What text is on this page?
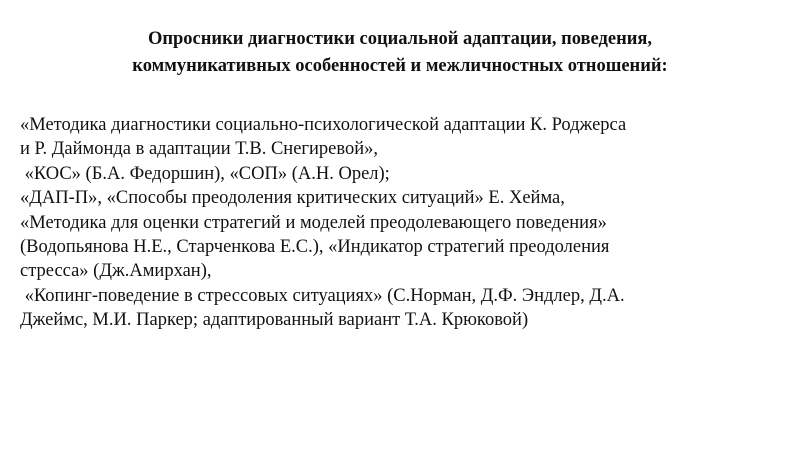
Опросники диагностики социальной адаптации, поведения,
коммуникативных особенностей и межличностных отношений:
«Методика диагностики социально-психологической адаптации К. Роджерса
и Р. Даймонда в адаптации Т.В. Снегиревой»,
«КОС» (Б.А. Федоршин), «СОП» (А.Н. Орел);
«ДАП-П», «Способы преодоления критических ситуаций» Е. Хейма,
«Методика для оценки стратегий и моделей преодолевающего поведения»
(Водопьянова Н.Е., Старченкова Е.С.), «Индикатор стратегий преодоления
стресса» (Дж.Амирхан),
«Копинг-поведение в стрессовых ситуациях» (С.Норман, Д.Ф. Эндлер, Д.А.
Джеймс, М.И. Паркер; адаптированный вариант Т.А. Крюковой)
